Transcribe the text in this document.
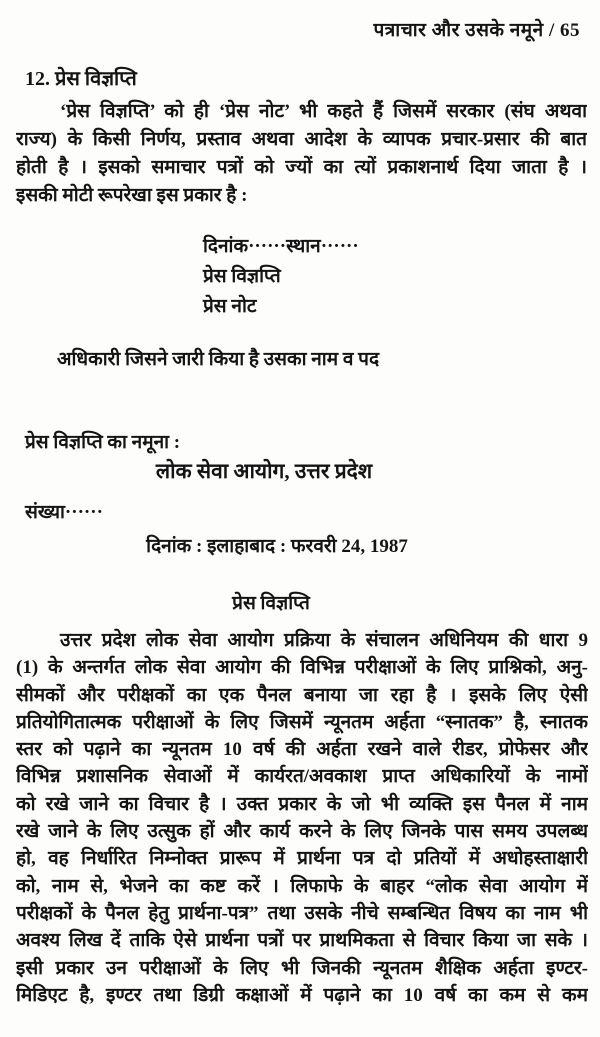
पत्राचार और उसके नमूने / 65
12. प्रेस विज्ञप्ति
‘प्रेस विज्ञप्ति’ को ही ‘प्रेस नोट’ भी कहते हैं जिसमें सरकार (संघ अथवा
राज्य) के किसी निर्णय, प्रस्ताव अथवा आदेश के व्यापक प्रचार-प्रसार की बात
होती है । इसको समाचार पत्रों को ज्यों का त्यों प्रकाशनार्थ दिया जाता है ।
इसकी मोटी रूपरेखा इस प्रकार है :
दिनांक······स्थान······
प्रेस विज्ञप्ति
प्रेस नोट
अधिकारी जिसने जारी किया है उसका नाम व पद
प्रेस विज्ञप्ति का नमूना :
लोक सेवा आयोग, उत्तर प्रदेश
संख्या······
दिनांक : इलाहाबाद : फरवरी 24, 1987
प्रेस विज्ञप्ति
उत्तर प्रदेश लोक सेवा आयोग प्रक्रिया के संचालन अधिनियम की धारा 9
(1) के अन्तर्गत लोक सेवा आयोग की विभिन्न परीक्षाओं के लिए प्राश्निको, अनु-
सीमकों और परीक्षकों का एक पैनल बनाया जा रहा है । इसके लिए ऐसी
प्रतियोगितात्मक परीक्षाओं के लिए जिसमें न्यूनतम अर्हता “स्नातक” है, स्नातक
स्तर को पढ़ाने का न्यूनतम 10 वर्ष की अर्हता रखने वाले रीडर, प्रोफेसर और
विभिन्न प्रशासनिक सेवाओं में कार्यरत/अवकाश प्राप्त अधिकारियों के नामों
को रखे जाने का विचार है । उक्त प्रकार के जो भी व्यक्ति इस पैनल में नाम
रखे जाने के लिए उत्सुक हों और कार्य करने के लिए जिनके पास समय उपलब्ध
हो, वह निर्धारित निम्नोक्त प्रारूप में प्रार्थना पत्र दो प्रतियों में अधोहस्ताक्षारी
को, नाम से, भेजने का कष्ट करें । लिफाफे के बाहर “लोक सेवा आयोग में
परीक्षकों के पैनल हेतु प्रार्थना-पत्र” तथा उसके नीचे सम्बन्धित विषय का नाम भी
अवश्य लिख दें ताकि ऐसे प्रार्थना पत्रों पर प्राथमिकता से विचार किया जा सके ।
इसी प्रकार उन परीक्षाओं के लिए भी जिनकी न्यूनतम शैक्षिक अर्हता इण्टर-
मिडिएट है, इण्टर तथा डिग्री कक्षाओं में पढ़ाने का 10 वर्ष का कम से कम
